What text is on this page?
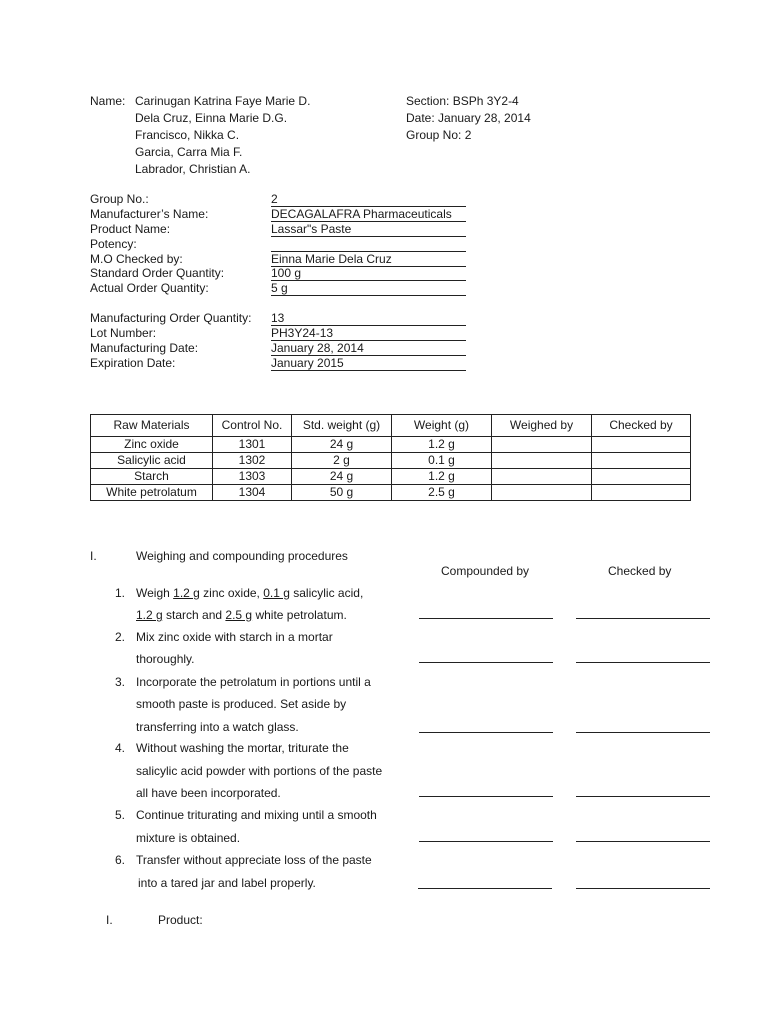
Name: Carinugan Katrina Faye Marie D.
Dela Cruz, Einna Marie D.G.
Francisco, Nikka C.
Garcia, Carra Mia F.
Labrador, Christian A.
Section: BSPh 3Y2-4
Date: January 28, 2014
Group No: 2
Group No.:	2
Manufacturer’s Name:	DECAGALAFRA Pharmaceuticals
Product Name:	Lassar"s Paste
Potency:
M.O Checked by:	Einna Marie Dela Cruz
Standard Order Quantity:	100 g
Actual Order Quantity:	5 g
Manufacturing Order Quantity: 13
Lot Number:	PH3Y24-13
Manufacturing Date:	January 28, 2014
Expiration Date:	January 2015
Raw Materials	Control No.	Std. weight (g)	Weight (g)	Weighed by	Checked by
Zinc oxide	1301	24 g	1.2 g		
Salicylic acid	1302	2 g	0.1 g		
Starch	1303	24 g	1.2 g		
White petrolatum	1304	50 g	2.5 g		
I.	Weighing and compounding procedures
Compounded by	Checked by
1. Weigh 1.2 g zinc oxide, 0.1 g salicylic acid,
1.2 g starch and 2.5 g white petrolatum.
2. Mix zinc oxide with starch in a mortar
thoroughly.
3. Incorporate the petrolatum in portions until a
smooth paste is produced. Set aside by
transferring into a watch glass.
4. Without washing the mortar, triturate the
salicylic acid powder with portions of the paste
all have been incorporated.
5. Continue triturating and mixing until a smooth
mixture is obtained.
6. Transfer without appreciate loss of the paste
into a tared jar and label properly.
I.	Product:
